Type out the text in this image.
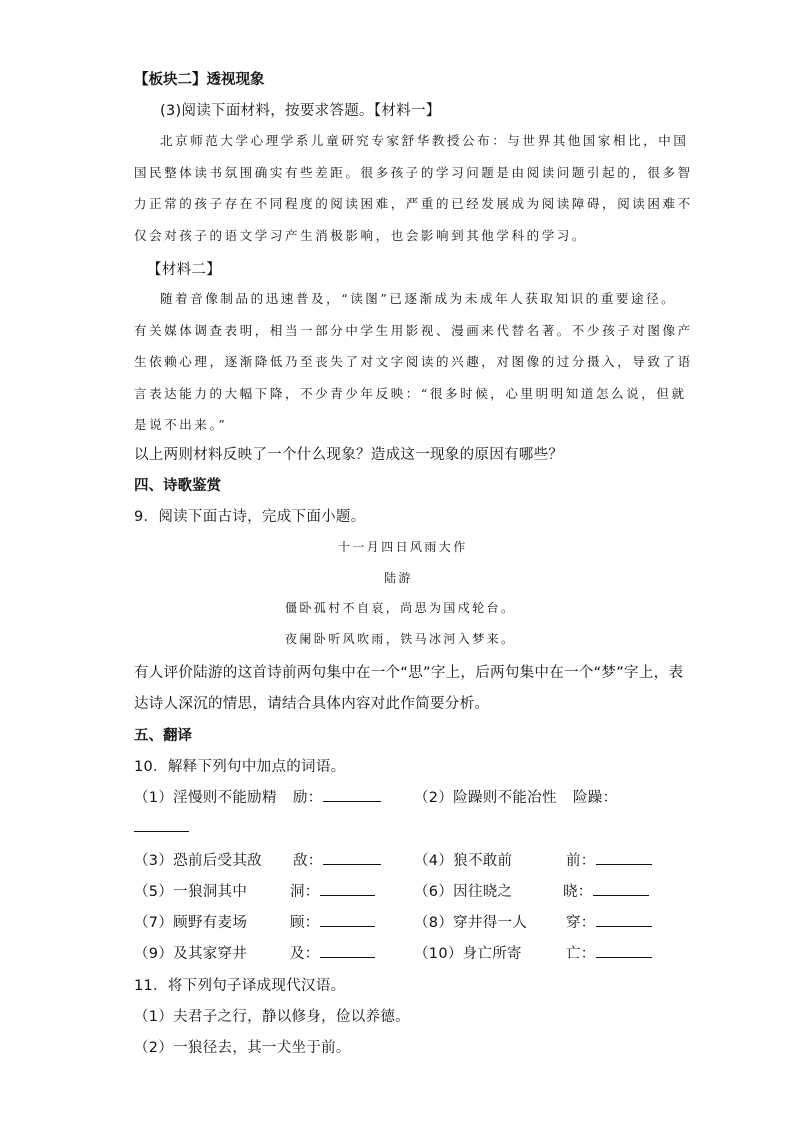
【板块二】透视现象

(3)阅读下面材料，按要求答题。【材料一】

北京师范大学心理学系儿童研究专家舒华教授公布：与世界其他国家相比，中国

国民整体读书氛围确实有些差距。很多孩子的学习问题是由阅读问题引起的，很多智

力正常的孩子存在不同程度的阅读困难，严重的已经发展成为阅读障碍，阅读困难不

仅会对孩子的语文学习产生消极影响，也会影响到其他学科的学习。

【材料二】

随着音像制品的迅速普及，“读图”已逐渐成为未成年人获取知识的重要途径。

有关媒体调查表明，相当一部分中学生用影视、漫画来代替名著。不少孩子对图像产

生依赖心理，逐渐降低乃至丧失了对文字阅读的兴趣，对图像的过分摄入，导致了语

言表达能力的大幅下降，不少青少年反映：“很多时候，心里明明知道怎么说，但就

是说不出来。”

以上两则材料反映了一个什么现象？造成这一现象的原因有哪些？

四、诗歌鉴赏

9．阅读下面古诗，完成下面小题。

十一月四日风雨大作

陆游

僵卧孤村不自哀，尚思为国戍轮台。

夜阑卧听风吹雨，铁马冰河入梦来。

有人评价陆游的这首诗前两句集中在一个“思”字上，后两句集中在一个“梦”字上，表

达诗人深沉的情思，请结合具体内容对此作简要分析。

五、翻译

10．解释下列句中加点的词语。

（1）淫慢则不能励精 励：	（2）险躁则不能冶性 险躁：

（3）恐前后受其敌 敌：	（4）狼不敢前	前：

（5）一狼洞其中	洞：	（6）因往晓之	晓：

（7）顾野有麦场	顾：	（8）穿井得一人	穿：

（9）及其家穿井	及：	（10）身亡所寄	亡：

11．将下列句子译成现代汉语。

（1）夫君子之行，静以修身，俭以养德。

（2）一狼径去，其一犬坐于前。
